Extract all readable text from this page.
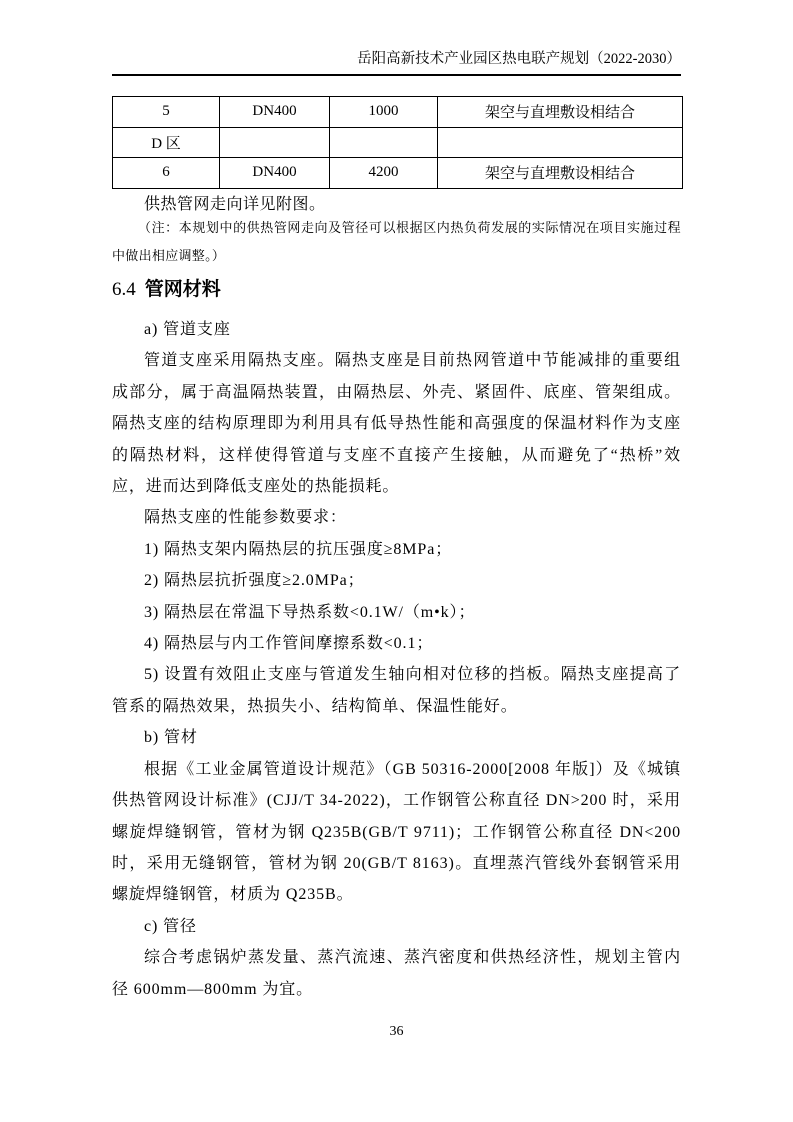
岳阳高新技术产业园区热电联产规划（2022-2030）
5	DN400	1000	架空与直埋敷设相结合
D 区			
6	DN400	4200	架空与直埋敷设相结合

供热管网走向详见附图。

（注：本规划中的供热管网走向及管径可以根据区内热负荷发展的实际情况在项目实施过程中做出相应调整。）

6.4 管网材料

a) 管道支座

管道支座采用隔热支座。隔热支座是目前热网管道中节能减排的重要组成部分，属于高温隔热装置，由隔热层、外壳、紧固件、底座、管架组成。隔热支座的结构原理即为利用具有低导热性能和高强度的保温材料作为支座的隔热材料，这样使得管道与支座不直接产生接触，从而避免了“热桥”效应，进而达到降低支座处的热能损耗。

隔热支座的性能参数要求：

1) 隔热支架内隔热层的抗压强度≥8MPa；

2) 隔热层抗折强度≥2.0MPa；

3) 隔热层在常温下导热系数<0.1W/（m•k）；

4) 隔热层与内工作管间摩擦系数<0.1；

5) 设置有效阻止支座与管道发生轴向相对位移的挡板。隔热支座提高了管系的隔热效果，热损失小、结构简单、保温性能好。

b) 管材

根据《工业金属管道设计规范》（GB 50316-2000[2008 年版]）及《城镇供热管网设计标准》(CJJ/T 34-2022)，工作钢管公称直径 DN>200 时，采用螺旋焊缝钢管，管材为钢 Q235B(GB/T 9711)；工作钢管公称直径 DN<200 时，采用无缝钢管，管材为钢 20(GB/T 8163)。直埋蒸汽管线外套钢管采用螺旋焊缝钢管，材质为 Q235B。

c) 管径

综合考虑锅炉蒸发量、蒸汽流速、蒸汽密度和供热经济性，规划主管内径 600mm—800mm 为宜。

36
